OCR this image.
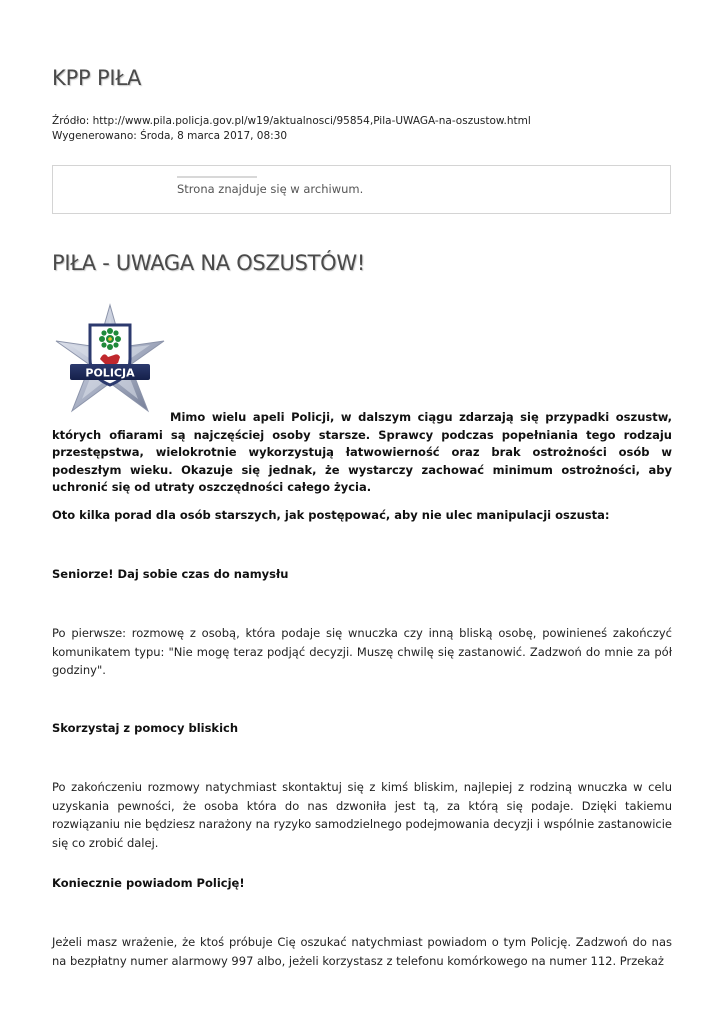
KPP PIŁA
Źródło: http://www.pila.policja.gov.pl/w19/aktualnosci/95854,Pila-UWAGA-na-oszustow.html
Wygenerowano: Środa, 8 marca 2017, 08:30
Strona znajduje się w archiwum.
PIŁA - UWAGA NA OSZUSTÓW!
POLICJA

Mimo wielu apeli Policji, w dalszym ciągu zdarzają się przypadki oszustw, których ofiarami są najczęściej osoby starsze. Sprawcy podczas popełniania tego rodzaju przestępstwa, wielokrotnie wykorzystują łatwowierność oraz brak ostrożności osób w podeszłym wieku. Okazuje się jednak, że wystarczy zachować minimum ostrożności, aby uchronić się od utraty oszczędności całego życia.

Oto kilka porad dla osób starszych, jak postępować, aby nie ulec manipulacji oszusta:

Seniorze! Daj sobie czas do namysłu

Po pierwsze: rozmowę z osobą, która podaje się wnuczka czy inną bliską osobę, powinieneś zakończyć komunikatem typu: "Nie mogę teraz podjąć decyzji. Muszę chwilę się zastanowić. Zadzwoń do mnie za pół godziny".

Skorzystaj z pomocy bliskich

Po zakończeniu rozmowy natychmiast skontaktuj się z kimś bliskim, najlepiej z rodziną wnuczka w celu uzyskania pewności, że osoba która do nas dzwoniła jest tą, za którą się podaje. Dzięki takiemu rozwiązaniu nie będziesz narażony na ryzyko samodzielnego podejmowania decyzji i wspólnie zastanowicie się co zrobić dalej.

Koniecznie powiadom Policję!

Jeżeli masz wrażenie, że ktoś próbuje Cię oszukać natychmiast powiadom o tym Policję. Zadzwoń do nas na bezpłatny numer alarmowy 997 albo, jeżeli korzystasz z telefonu komórkowego na numer 112. Przekaż
